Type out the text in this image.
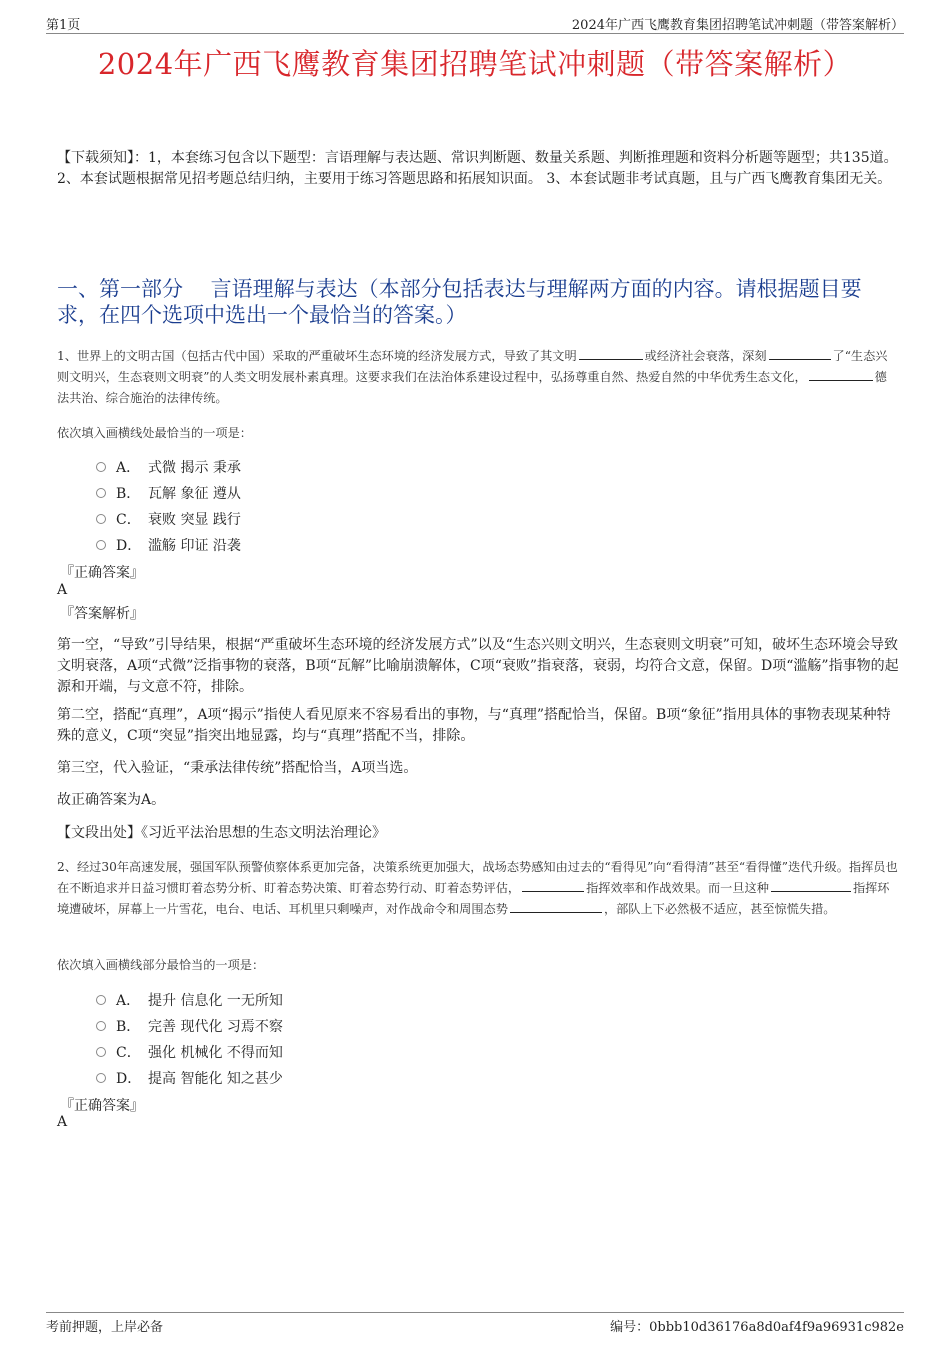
第1页	2024年广西飞鹰教育集团招聘笔试冲刺题（带答案解析）
2024年广西飞鹰教育集团招聘笔试冲刺题（带答案解析）
【下载须知】：1，本套练习包含以下题型：言语理解与表达题、常识判断题、数量关系题、判断推理题和资料分析题等题型；共135道。 2、本套试题根据常见招考题总结归纳，主要用于练习答题思路和拓展知识面。 3、本套试题非考试真题，且与广西飞鹰教育集团无关。
一、第一部分　 言语理解与表达（本部分包括表达与理解两方面的内容。请根据题目要求，在四个选项中选出一个最恰当的答案。）
1、世界上的文明古国（包括古代中国）采取的严重破坏生态环境的经济发展方式，导致了其文明	或经济社会衰落，深刻	了“生态兴则文明兴，生态衰则文明衰”的人类文明发展朴素真理。这要求我们在法治体系建设过程中，弘扬尊重自然、热爱自然的中华优秀生态文化，	德法共治、综合施治的法律传统。
依次填入画横线处最恰当的一项是：
A． 式微 揭示 秉承
B． 瓦解 象征 遵从
C． 衰败 突显 践行
D． 滥觞 印证 沿袭
『正确答案』
A
『答案解析』
第一空，“导致”引导结果，根据“严重破坏生态环境的经济发展方式”以及“生态兴则文明兴，生态衰则文明衰”可知，破坏生态环境会导致文明衰落，A项“式微”泛指事物的衰落，B项“瓦解”比喻崩溃解体，C项“衰败”指衰落，衰弱，均符合文意，保留。D项“滥觞”指事物的起源和开端，与文意不符，排除。
第二空，搭配“真理”，A项“揭示”指使人看见原来不容易看出的事物，与“真理”搭配恰当，保留。B项“象征”指用具体的事物表现某种特殊的意义，C项“突显”指突出地显露，均与“真理”搭配不当，排除。
第三空，代入验证，“秉承法律传统”搭配恰当，A项当选。
故正确答案为A。
【文段出处】《习近平法治思想的生态文明法治理论》
2、经过30年高速发展，强国军队预警侦察体系更加完备，决策系统更加强大，战场态势感知由过去的“看得见”向“看得清”甚至“看得懂”迭代升级。指挥员也在不断追求并日益习惯盯着态势分析、盯着态势决策、盯着态势行动、盯着态势评估，	指挥效率和作战效果。而一旦这种	指挥环境遭破坏，屏幕上一片雪花，电台、电话、耳机里只剩噪声，对作战命令和周围态势	，部队上下必然极不适应，甚至惊慌失措。
依次填入画横线部分最恰当的一项是：
A． 提升 信息化 一无所知
B． 完善 现代化 习焉不察
C． 强化 机械化 不得而知
D． 提高 智能化 知之甚少
『正确答案』
A
考前押题，上岸必备	编号：0bbb10d36176a8d0af4f9a96931c982e
